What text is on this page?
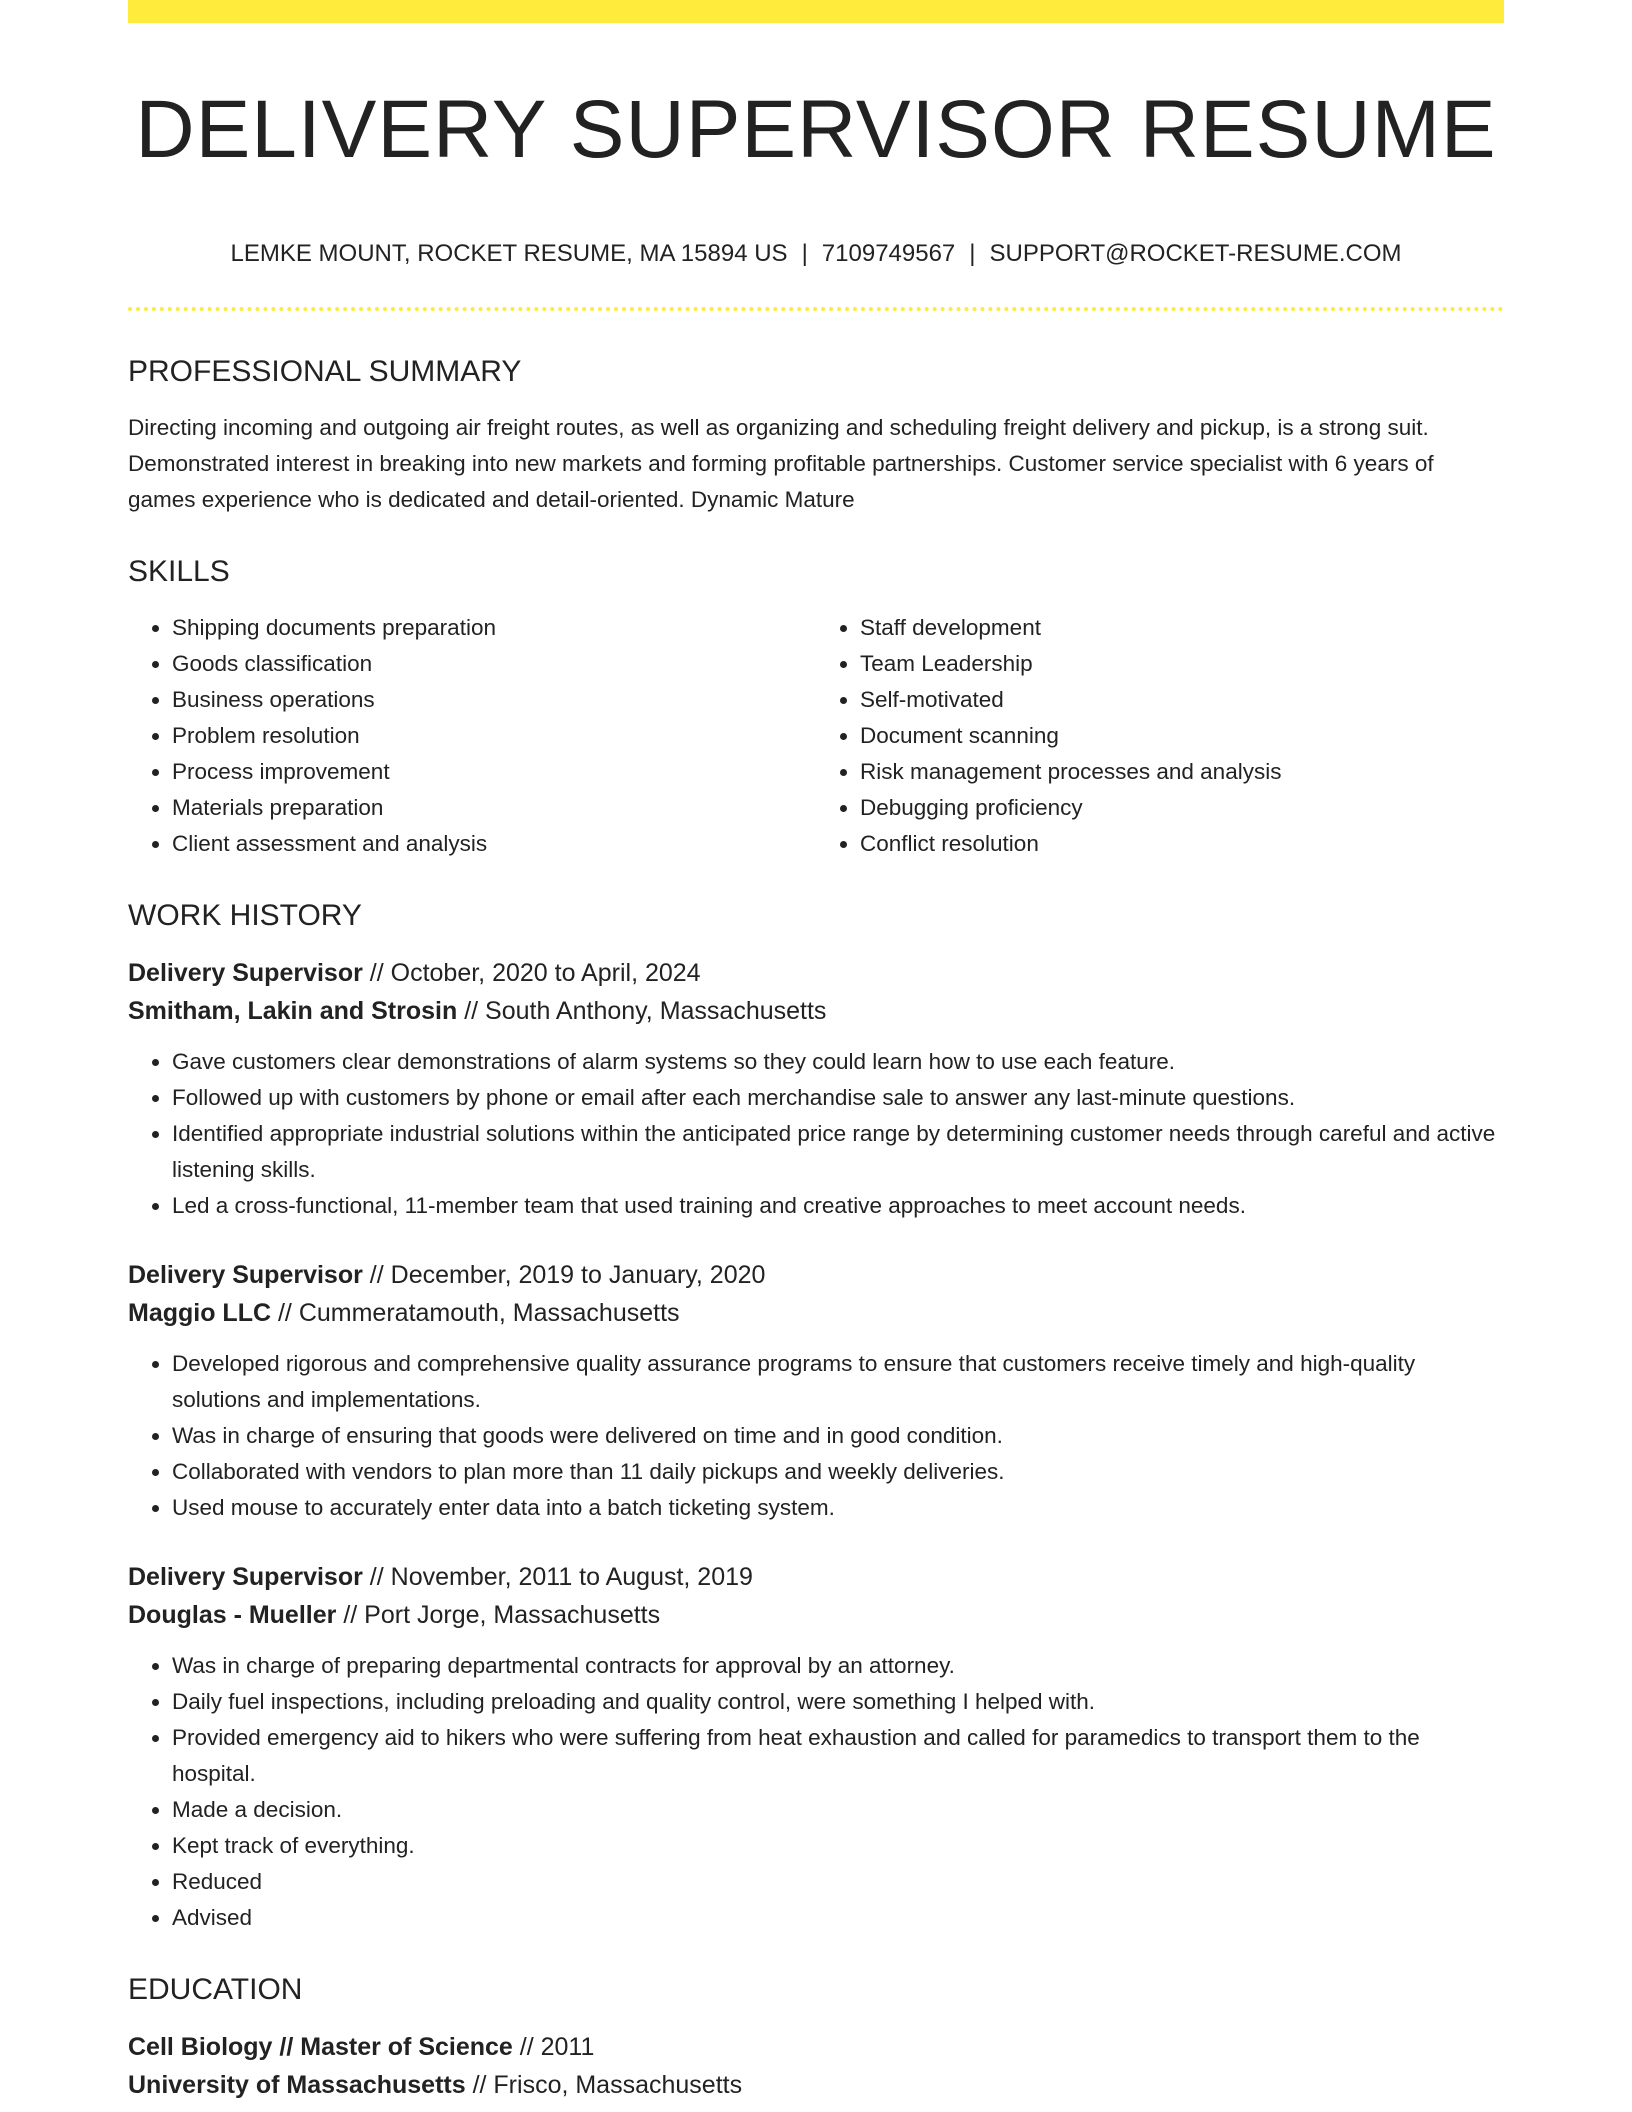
DELIVERY SUPERVISOR RESUME
LEMKE MOUNT, ROCKET RESUME, MA 15894 US | 7109749567 | SUPPORT@ROCKET-RESUME.COM
PROFESSIONAL SUMMARY

Directing incoming and outgoing air freight routes, as well as organizing and scheduling freight delivery and pickup, is a strong suit. Demonstrated interest in breaking into new markets and forming profitable partnerships. Customer service specialist with 6 years of games experience who is dedicated and detail-oriented. Dynamic Mature

SKILLS
• Shipping documents preparation
• Goods classification
• Business operations
• Problem resolution
• Process improvement
• Materials preparation
• Client assessment and analysis
• Staff development
• Team Leadership
• Self-motivated
• Document scanning
• Risk management processes and analysis
• Debugging proficiency
• Conflict resolution
WORK HISTORY
Delivery Supervisor // October, 2020 to April, 2024
Smitham, Lakin and Strosin // South Anthony, Massachusetts
• Gave customers clear demonstrations of alarm systems so they could learn how to use each feature.
• Followed up with customers by phone or email after each merchandise sale to answer any last-minute questions.
• Identified appropriate industrial solutions within the anticipated price range by determining customer needs through careful and active listening skills.
• Led a cross-functional, 11-member team that used training and creative approaches to meet account needs.
Delivery Supervisor // December, 2019 to January, 2020
Maggio LLC // Cummeratamouth, Massachusetts
• Developed rigorous and comprehensive quality assurance programs to ensure that customers receive timely and high-quality solutions and implementations.
• Was in charge of ensuring that goods were delivered on time and in good condition.
• Collaborated with vendors to plan more than 11 daily pickups and weekly deliveries.
• Used mouse to accurately enter data into a batch ticketing system.
Delivery Supervisor // November, 2011 to August, 2019
Douglas - Mueller // Port Jorge, Massachusetts
• Was in charge of preparing departmental contracts for approval by an attorney.
• Daily fuel inspections, including preloading and quality control, were something I helped with.
• Provided emergency aid to hikers who were suffering from heat exhaustion and called for paramedics to transport them to the hospital.
• Made a decision.
• Kept track of everything.
• Reduced
• Advised
EDUCATION
Cell Biology // Master of Science // 2011
University of Massachusetts // Frisco, Massachusetts
